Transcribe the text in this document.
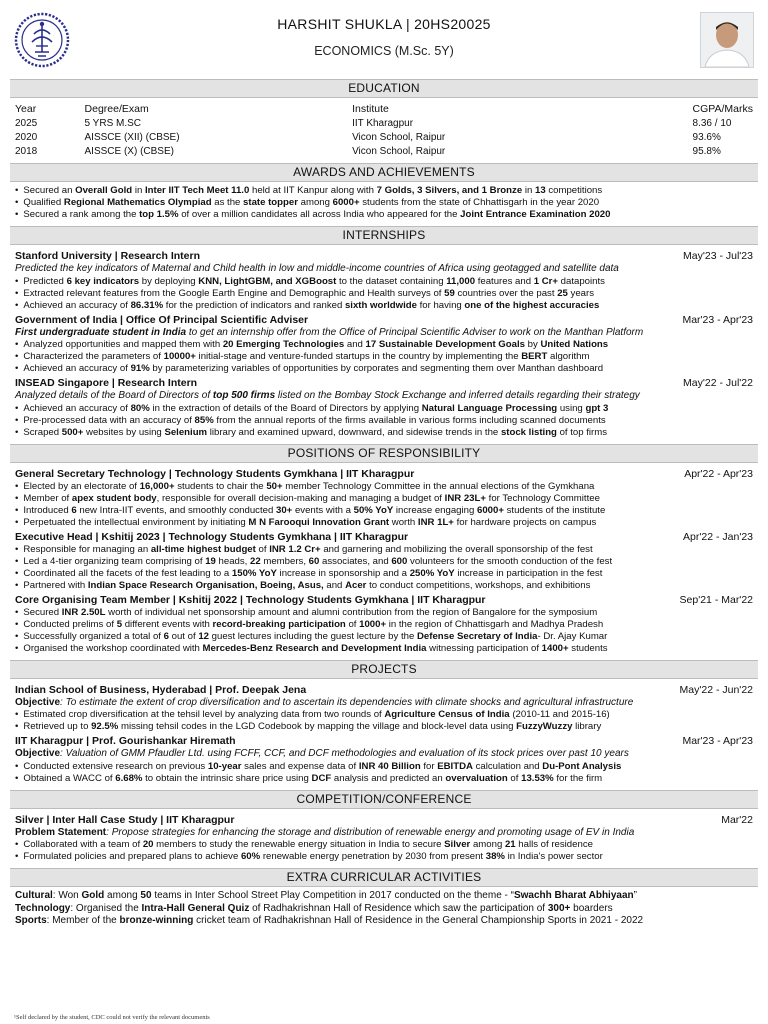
HARSHIT SHUKLA | 20HS20025
ECONOMICS (M.Sc. 5Y)
EDUCATION
Year	Degree/Exam	Institute	CGPA/Marks
2025	5 YRS M.SC	IIT Kharagpur	8.36 / 10
2020	AISSCE (XII) (CBSE)	Vicon School, Raipur	93.6%
2018	AISSCE (X) (CBSE)	Vicon School, Raipur	95.8%
AWARDS AND ACHIEVEMENTS
• Secured an Overall Gold in Inter IIT Tech Meet 11.0 held at IIT Kanpur along with 7 Golds, 3 Silvers, and 1 Bronze in 13 competitions
• Qualified Regional Mathematics Olympiad as the state topper among 6000+ students from the state of Chhattisgarh in the year 2020
• Secured a rank among the top 1.5% of over a million candidates all across India who appeared for the Joint Entrance Examination 2020
INTERNSHIPS
Stanford University | Research Intern	May'23 - Jul'23
Predicted the key indicators of Maternal and Child health in low and middle-income countries of Africa using geotagged and satellite data
• Predicted 6 key indicators by deploying KNN, LightGBM, and XGBoost to the dataset containing 11,000 features and 1 Cr+ datapoints
• Extracted relevant features from the Google Earth Engine and Demographic and Health surveys of 59 countries over the past 25 years
• Achieved an accuracy of 86.31% for the prediction of indicators and ranked sixth worldwide for having one of the highest accuracies
Government of India | Office Of Principal Scientific Adviser	Mar'23 - Apr'23
First undergraduate student in India to get an internship offer from the Office of Principal Scientific Adviser to work on the Manthan Platform
• Analyzed opportunities and mapped them with 20 Emerging Technologies and 17 Sustainable Development Goals by United Nations
• Characterized the parameters of 10000+ initial-stage and venture-funded startups in the country by implementing the BERT algorithm
• Achieved an accuracy of 91% by parameterizing variables of opportunities by corporates and segmenting them over Manthan dashboard
INSEAD Singapore | Research Intern	May'22 - Jul'22
Analyzed details of the Board of Directors of top 500 firms listed on the Bombay Stock Exchange and inferred details regarding their strategy
• Achieved an accuracy of 80% in the extraction of details of the Board of Directors by applying Natural Language Processing using gpt 3
• Pre-processed data with an accuracy of 85% from the annual reports of the firms available in various forms including scanned documents
• Scraped 500+ websites by using Selenium library and examined upward, downward, and sidewise trends in the stock listing of top firms
POSITIONS OF RESPONSIBILITY
General Secretary Technology | Technology Students Gymkhana | IIT Kharagpur	Apr'22 - Apr'23
• Elected by an electorate of 16,000+ students to chair the 50+ member Technology Committee in the annual elections of the Gymkhana
• Member of apex student body, responsible for overall decision-making and managing a budget of INR 23L+ for Technology Committee
• Introduced 6 new Intra-IIT events, and smoothly conducted 30+ events with a 50% YoY increase engaging 6000+ students of the institute
• Perpetuated the intellectual environment by initiating M N Farooqui Innovation Grant worth INR 1L+ for hardware projects on campus
Executive Head | Kshitij 2023 | Technology Students Gymkhana | IIT Kharagpur	Apr'22 - Jan'23
• Responsible for managing an all-time highest budget of INR 1.2 Cr+ and garnering and mobilizing the overall sponsorship of the fest
• Led a 4-tier organizing team comprising of 19 heads, 22 members, 60 associates, and 600 volunteers for the smooth conduction of the fest
• Coordinated all the facets of the fest leading to a 150% YoY increase in sponsorship and a 250% YoY increase in participation in the fest
• Partnered with Indian Space Research Organisation, Boeing, Asus, and Acer to conduct competitions, workshops, and exhibitions
Core Organising Team Member | Kshitij 2022 | Technology Students Gymkhana | IIT Kharagpur	Sep'21 - Mar'22
• Secured INR 2.50L worth of individual net sponsorship amount and alumni contribution from the region of Bangalore for the symposium
• Conducted prelims of 5 different events with record-breaking participation of 1000+ in the region of Chhattisgarh and Madhya Pradesh
• Successfully organized a total of 6 out of 12 guest lectures including the guest lecture by the Defense Secretary of India- Dr. Ajay Kumar
• Organised the workshop coordinated with Mercedes-Benz Research and Development India witnessing participation of 1400+ students
PROJECTS
Indian School of Business, Hyderabad | Prof. Deepak Jena	May'22 - Jun'22
Objective: To estimate the extent of crop diversification and to ascertain its dependencies with climate shocks and agricultural infrastructure
• Estimated crop diversification at the tehsil level by analyzing data from two rounds of Agriculture Census of India (2010-11 and 2015-16)
• Retrieved up to 92.5% missing tehsil codes in the LGD Codebook by mapping the village and block-level data using FuzzyWuzzy library
IIT Kharagpur | Prof. Gourishankar Hiremath	Mar'23 - Apr'23
Objective: Valuation of GMM Pfaudler Ltd. using FCFF, CCF, and DCF methodologies and evaluation of its stock prices over past 10 years
• Conducted extensive research on previous 10-year sales and expense data of INR 40 Billion for EBITDA calculation and Du-Pont Analysis
• Obtained a WACC of 6.68% to obtain the intrinsic share price using DCF analysis and predicted an overvaluation of 13.53% for the firm
COMPETITION/CONFERENCE
Silver | Inter Hall Case Study | IIT Kharagpur	Mar'22
Problem Statement: Propose strategies for enhancing the storage and distribution of renewable energy and promoting usage of EV in India
• Collaborated with a team of 20 members to study the renewable energy situation in India to secure Silver among 21 halls of residence
• Formulated policies and prepared plans to achieve 60% renewable energy penetration by 2030 from present 38% in India's power sector
EXTRA CURRICULAR ACTIVITIES
Cultural: Won Gold among 50 teams in Inter School Street Play Competition in 2017 conducted on the theme - “Swachh Bharat Abhiyaan”
Technology: Organised the Intra-Hall General Quiz of Radhakrishnan Hall of Residence which saw the participation of 300+ boarders
Sports: Member of the bronze-winning cricket team of Radhakrishnan Hall of Residence in the General Championship Sports in 2021 - 2022
¹Self declared by the student, CDC could not verify the relevant documents
